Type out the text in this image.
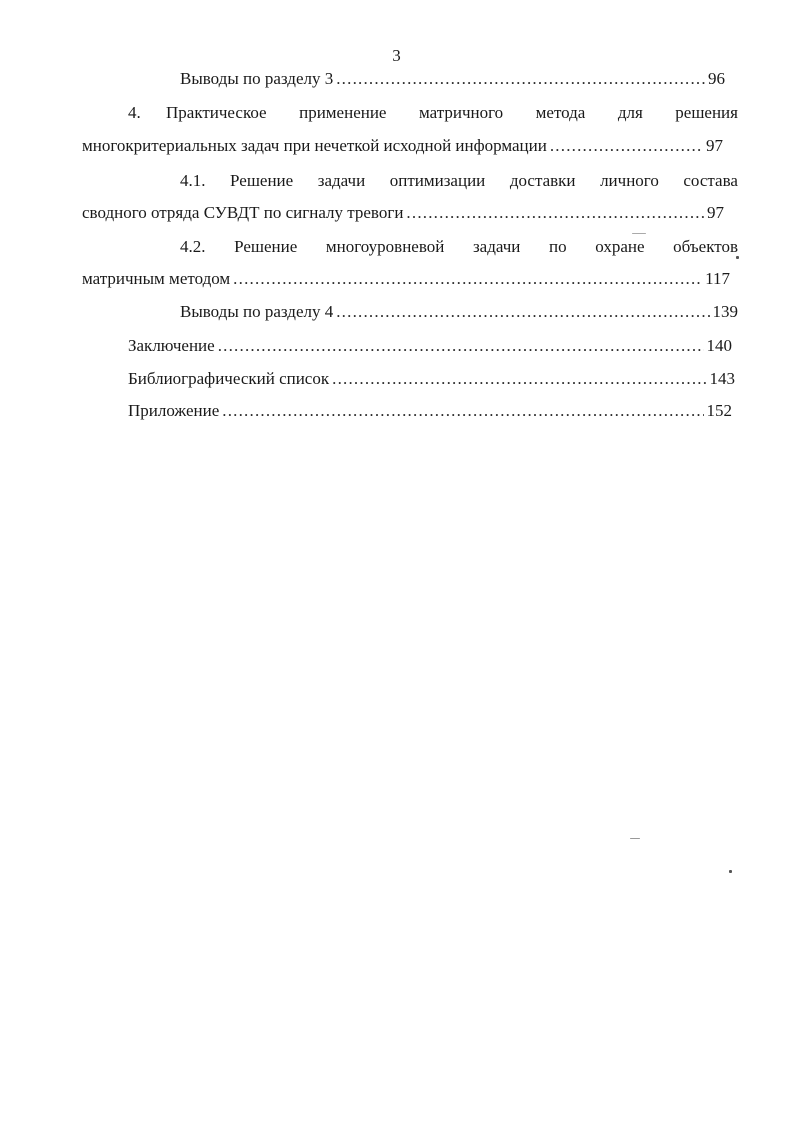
3
Выводы по разделу 3 .....	96
4. Практическое применение матричного метода для решения
многокритериальных задач при нечеткой исходной информации .....	97
4.1. Решение задачи оптимизации доставки личного состава
сводного отряда СУВДТ по сигналу тревоги .....	97
4.2. Решение многоуровневой задачи по охране объектов
матричным методом .....	117
Выводы по разделу 4 .....	139
Заключение .....	140
Библиографический список .....	143
Приложение .....	152
